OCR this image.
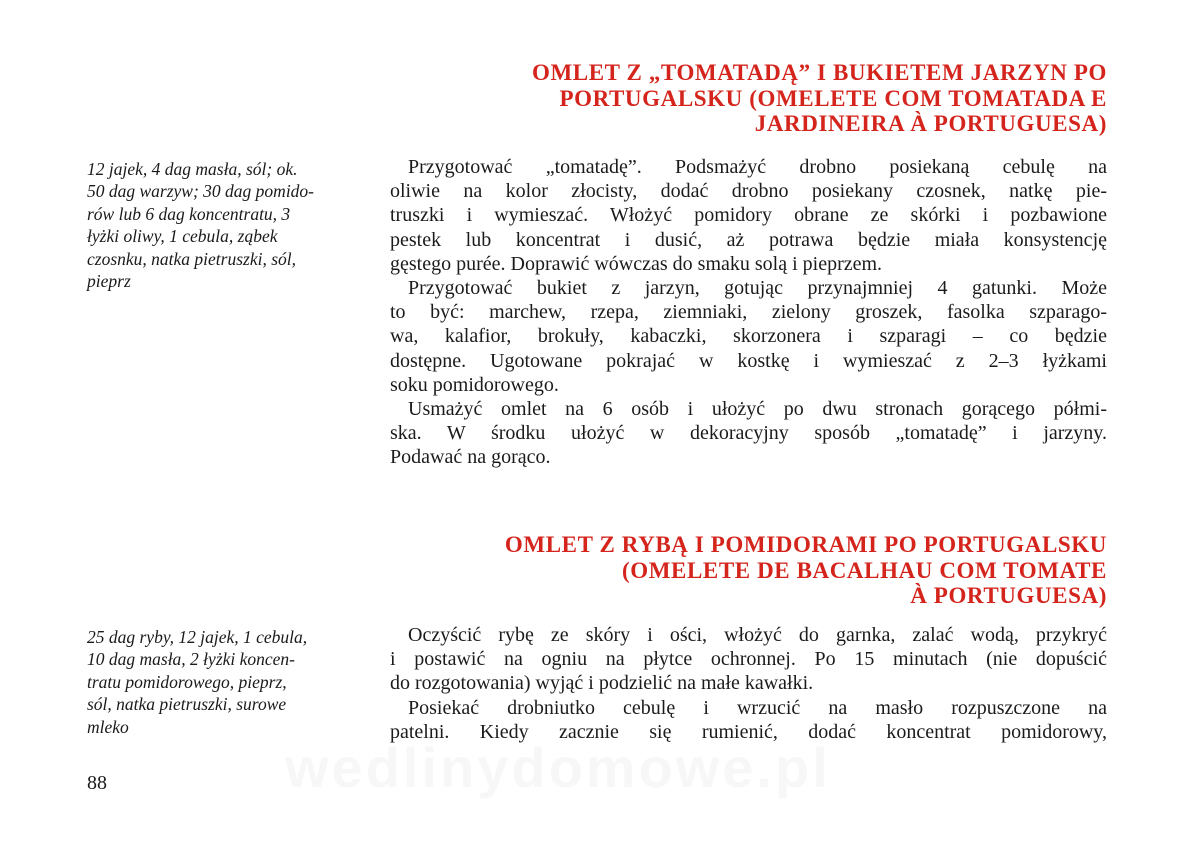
OMLET Z „TOMATADĄ” I BUKIETEM JARZYN PO
PORTUGALSKU (OMELETE COM TOMATADA E
JARDINEIRA À PORTUGUESA)

12 jajek, 4 dag masła, sól; ok.
50 dag warzyw; 30 dag pomido-
rów lub 6 dag koncentratu, 3
łyżki oliwy, 1 cebula, ząbek
czosnku, natka pietruszki, sól,
pieprz

Przygotować „tomatadę”. Podsmażyć drobno posiekaną cebulę na
oliwie na kolor złocisty, dodać drobno posiekany czosnek, natkę pie-
truszki i wymieszać. Włożyć pomidory obrane ze skórki i pozbawione
pestek lub koncentrat i dusić, aż potrawa będzie miała konsystencję
gęstego purée. Doprawić wówczas do smaku solą i pieprzem.
Przygotować bukiet z jarzyn, gotując przynajmniej 4 gatunki. Może
to być: marchew, rzepa, ziemniaki, zielony groszek, fasolka szparago-
wa, kalafior, brokuły, kabaczki, skorzonera i szparagi – co będzie
dostępne. Ugotowane pokrajać w kostkę i wymieszać z 2–3 łyżkami
soku pomidorowego.
Usmażyć omlet na 6 osób i ułożyć po dwu stronach gorącego półmi-
ska. W środku ułożyć w dekoracyjny sposób „tomatadę” i jarzyny.
Podawać na gorąco.
OMLET Z RYBĄ I POMIDORAMI PO PORTUGALSKU
(OMELETE DE BACALHAU COM TOMATE
À PORTUGUESA)

25 dag ryby, 12 jajek, 1 cebula,
10 dag masła, 2 łyżki koncen-
tratu pomidorowego, pieprz,
sól, natka pietruszki, surowe
mleko

Oczyścić rybę ze skóry i ości, włożyć do garnka, zalać wodą, przykryć
i postawić na ogniu na płytce ochronnej. Po 15 minutach (nie dopuścić
do rozgotowania) wyjąć i podzielić na małe kawałki.
Posiekać drobniutko cebulę i wrzucić na masło rozpuszczone na
patelni. Kiedy zacznie się rumienić, dodać koncentrat pomidorowy,

88	wedlinydomowe.pl
